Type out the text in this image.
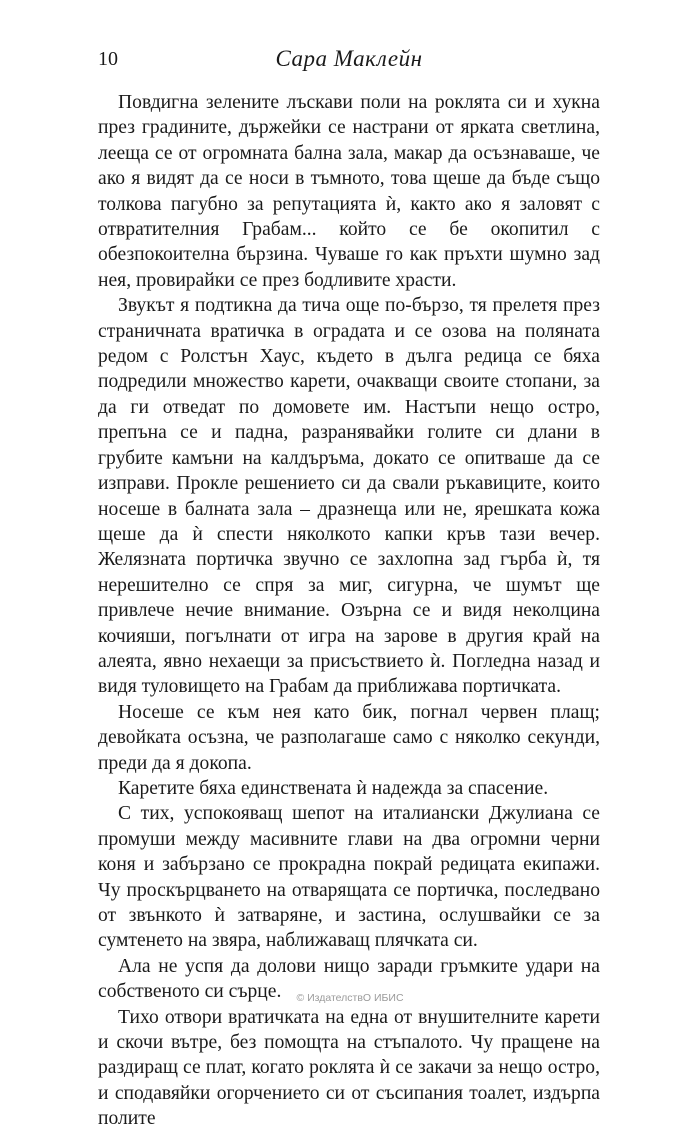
10	Сара Маклейн

Повдигна зелените лъскави поли на роклята си и хукна през градините, държейки се настрани от ярката светлина, лееща се от огромната бална зала, макар да осъзнаваше, че ако я видят да се носи в тъмното, това щеше да бъде също толкова пагубно за репутацията ѝ, както ако я заловят с отвратителния Грабам... който се бе окопитил с обезпокоителна бързина. Чуваше го как пръхти шумно зад нея, провирайки се през бодливите храсти.

Звукът я подтикна да тича още по-бързо, тя прелетя през страничната вратичка в оградата и се озова на поляната редом с Ролстън Хаус, където в дълга редица се бяха подредили множество карети, очакващи своите стопани, за да ги отведат по домовете им. Настъпи нещо остро, препъна се и падна, разранявайки голите си длани в грубите камъни на калдъръма, докато се опитваше да се изправи. Прокле решението си да свали ръкавиците, които носеше в балната зала – дразнеща или не, ярешката кожа щеше да ѝ спести няколкото капки кръв тази вечер. Желязната портичка звучно се захлопна зад гърба ѝ, тя нерешително се спря за миг, сигурна, че шумът ще привлече нечие внимание. Озърна се и видя неколцина кочияши, погълнати от игра на зарове в другия край на алеята, явно нехаещи за присъствието ѝ. Погледна назад и видя туловището на Грабам да приближава портичката.

Носеше се към нея като бик, погнал червен плащ; девойката осъзна, че разполагаше само с няколко секунди, преди да я докопа.

Каретите бяха единствената ѝ надежда за спасение.

С тих, успокояващ шепот на италиански Джулиана се промуши между масивните глави на два огромни черни коня и забързано се прокрадна покрай редицата екипажи. Чу проскърцването на отварящата се портичка, последвано от звънкото ѝ затваряне, и застина, ослушвайки се за сумтенето на звяра, наближаващ плячката си.

Ала не успя да долови нищо заради гръмките удари на собственото си сърце.

Тихо отвори вратичката на една от внушителните карети и скочи вътре, без помощта на стъпалото. Чу пращене на раздиращ се плат, когато роклята ѝ се закачи за нещо остро, и сподавяйки огорчението си от съсипания тоалет, издърпа полите

© ИздателствО ИБИС
